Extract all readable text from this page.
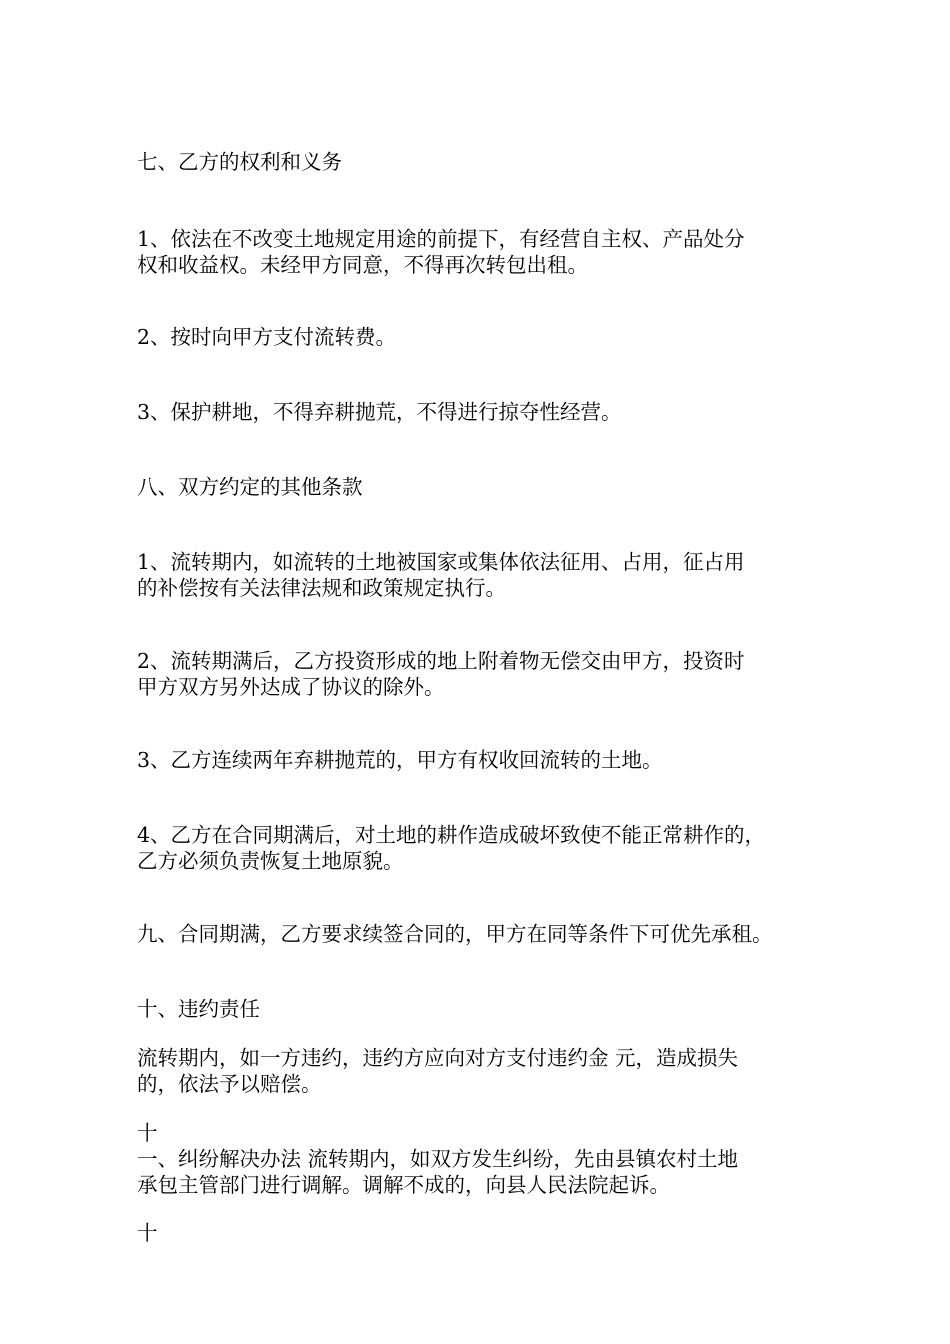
七、乙方的权利和义务

1、依法在不改变土地规定用途的前提下，有经营自主权、产品处分

权和收益权。未经甲方同意，不得再次转包出租。

2、按时向甲方支付流转费。

3、保护耕地，不得弃耕抛荒，不得进行掠夺性经营。

八、双方约定的其他条款

1、流转期内，如流转的土地被国家或集体依法征用、占用，征占用

的补偿按有关法律法规和政策规定执行。

2、流转期满后，乙方投资形成的地上附着物无偿交由甲方，投资时

甲方双方另外达成了协议的除外。

3、乙方连续两年弃耕抛荒的，甲方有权收回流转的土地。

4、乙方在合同期满后，对土地的耕作造成破坏致使不能正常耕作的，

乙方必须负责恢复土地原貌。

九、合同期满，乙方要求续签合同的，甲方在同等条件下可优先承租。

十、违约责任

流转期内，如一方违约，违约方应向对方支付违约金 元，造成损失

的，依法予以赔偿。

十

一、纠纷解决办法 流转期内，如双方发生纠纷，先由县镇农村土地

承包主管部门进行调解。调解不成的，向县人民法院起诉。

十
